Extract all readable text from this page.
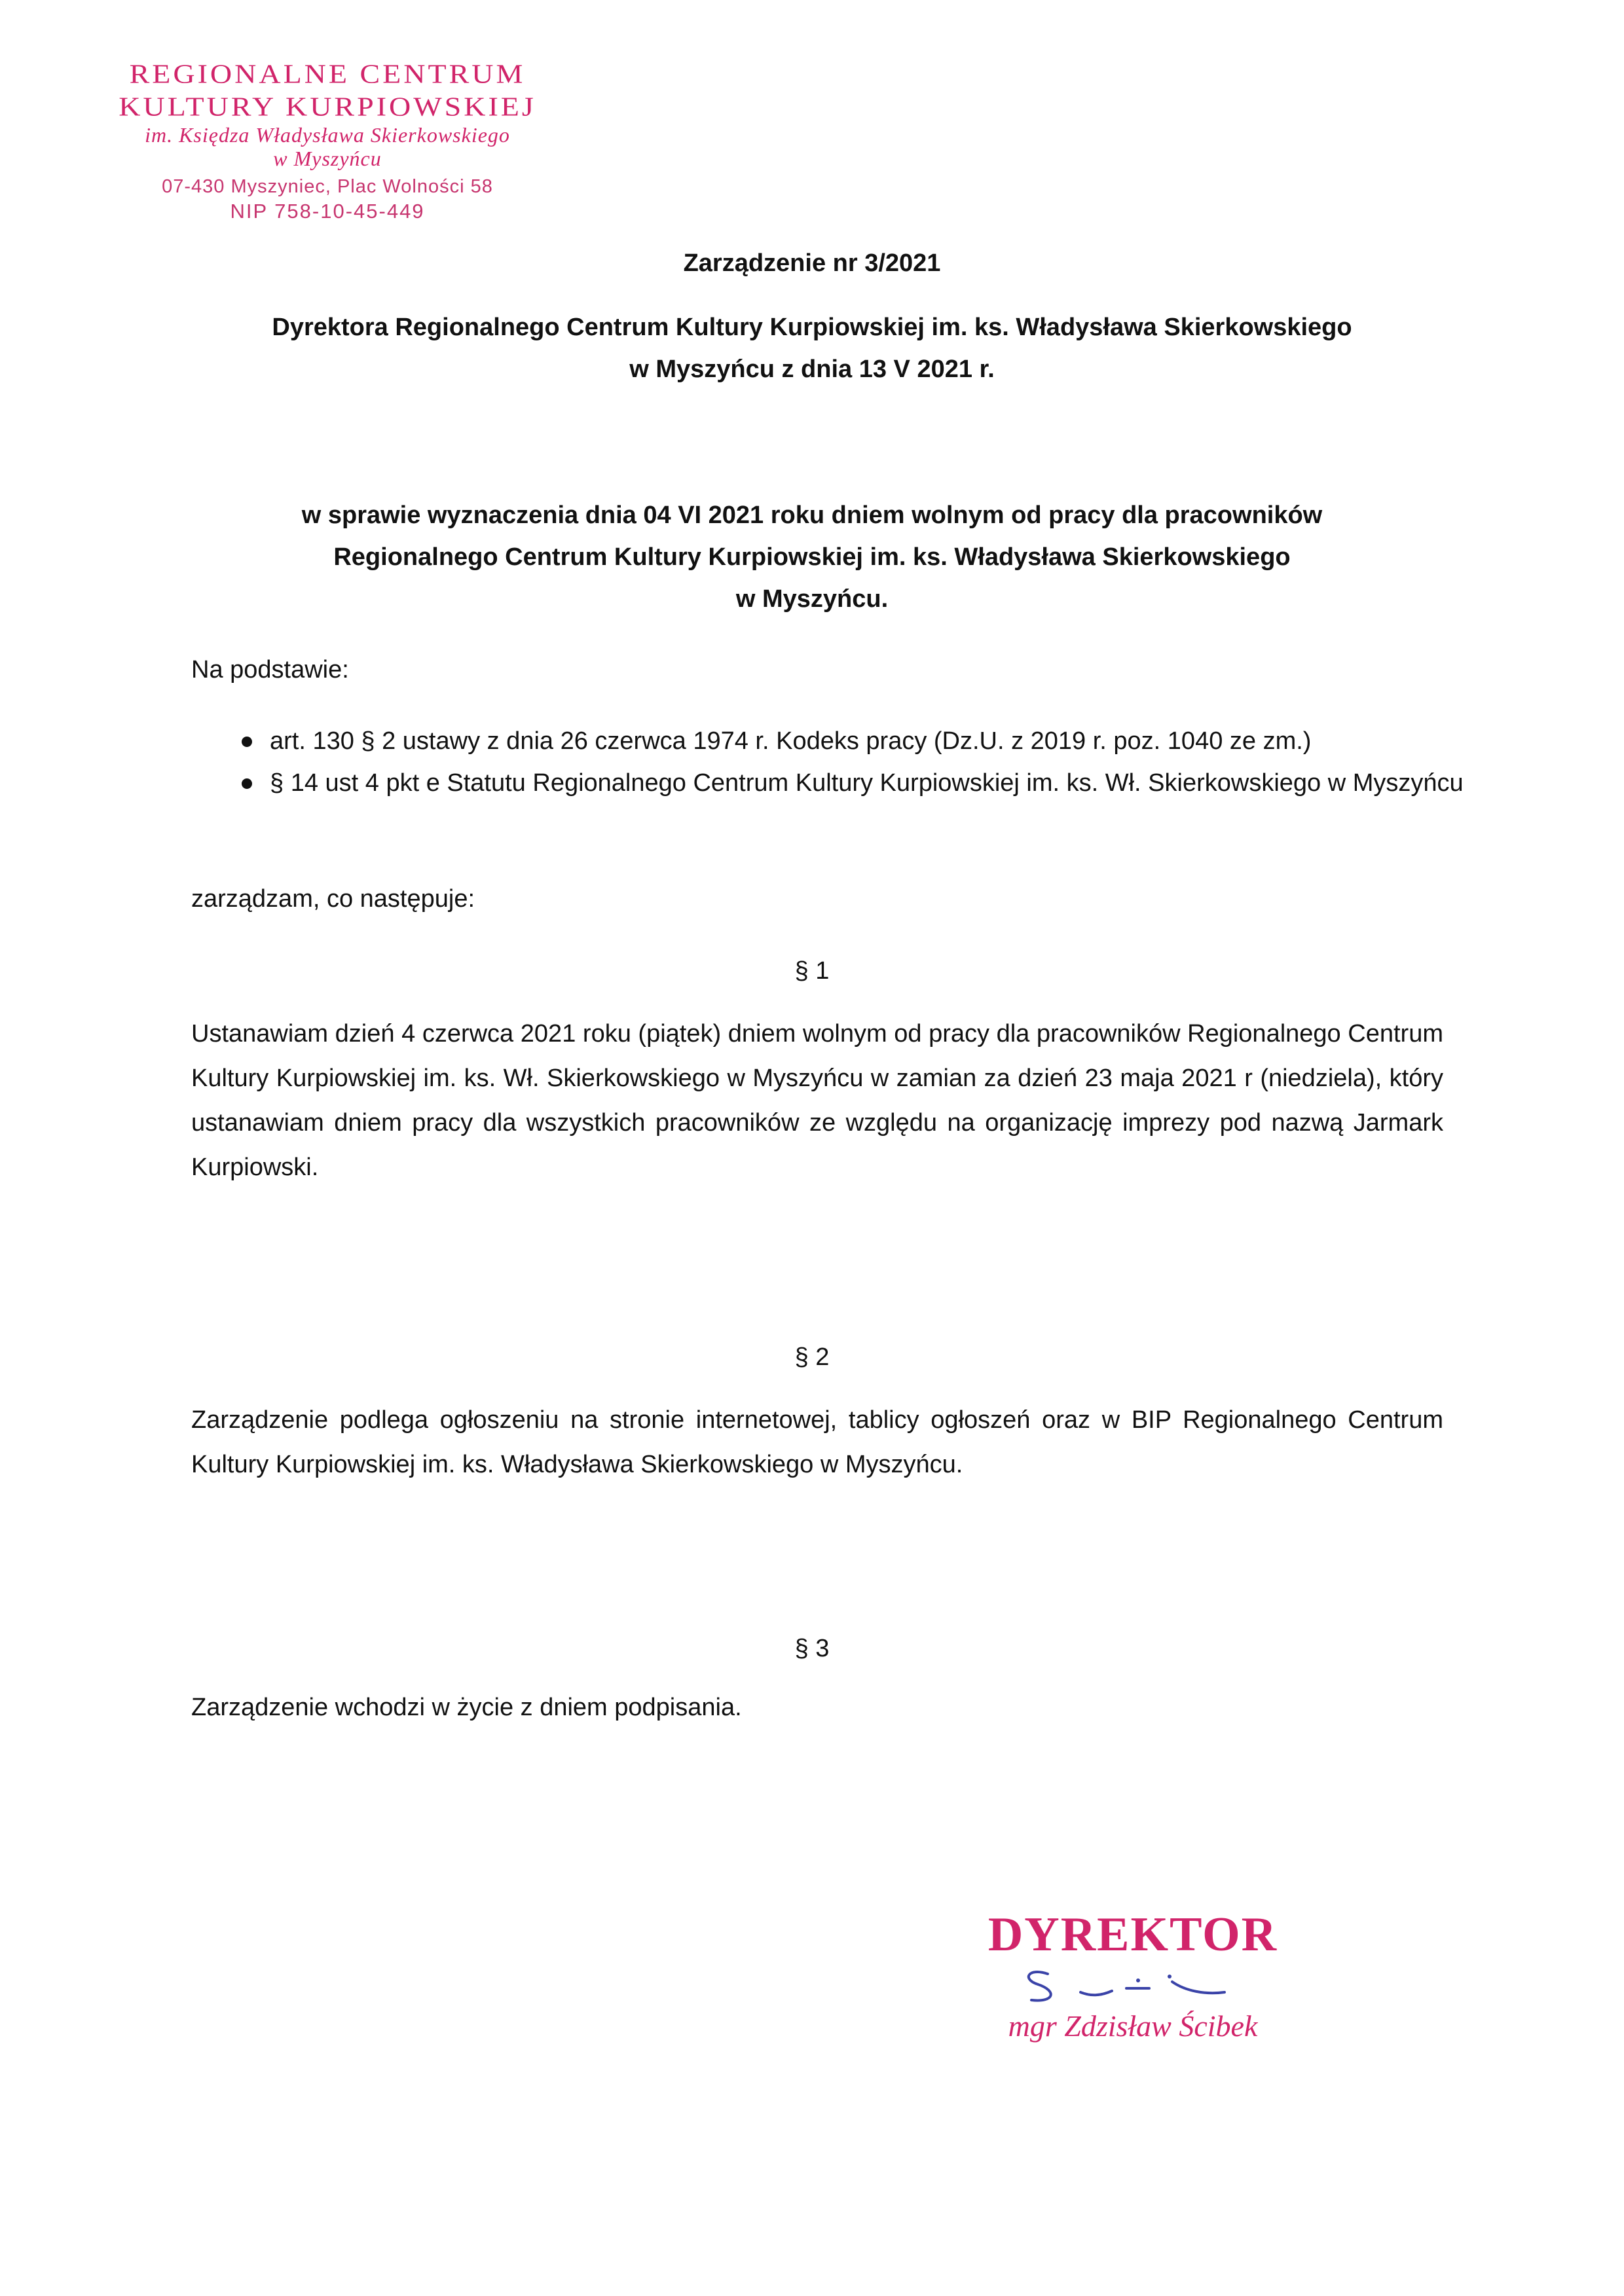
REGIONALNE CENTRUM
KULTURY KURPIOWSKIEJ
im. Księdza Władysława Skierkowskiego
w Myszyńcu
07-430 Myszyniec, Plac Wolności 58
NIP 758-10-45-449
Zarządzenie nr 3/2021
Dyrektora Regionalnego Centrum Kultury Kurpiowskiej im. ks. Władysława Skierkowskiego
w Myszyńcu z dnia 13 V 2021 r.
w sprawie wyznaczenia dnia 04 VI 2021 roku dniem wolnym od pracy dla pracowników
Regionalnego Centrum Kultury Kurpiowskiej im. ks. Władysława Skierkowskiego
w Myszyńcu.
Na podstawie:
art. 130 § 2 ustawy z dnia 26 czerwca 1974 r. Kodeks pracy (Dz.U. z 2019 r. poz. 1040 ze zm.)
§ 14 ust 4 pkt e Statutu Regionalnego Centrum Kultury Kurpiowskiej im. ks. Wł. Skierkowskiego w Myszyńcu
zarządzam, co następuje:
§ 1
Ustanawiam dzień 4 czerwca 2021 roku (piątek) dniem wolnym od pracy dla pracowników Regionalnego Centrum Kultury Kurpiowskiej im. ks. Wł. Skierkowskiego w Myszyńcu w zamian za dzień 23 maja 2021 r (niedziela), który ustanawiam dniem pracy dla wszystkich pracowników ze względu na organizację imprezy pod nazwą Jarmark Kurpiowski.
§ 2
Zarządzenie podlega ogłoszeniu na stronie internetowej, tablicy ogłoszeń oraz w BIP Regionalnego Centrum Kultury Kurpiowskiej im. ks. Władysława Skierkowskiego w Myszyńcu.
§ 3
Zarządzenie wchodzi w życie z dniem podpisania.
DYREKTOR
mgr Zdzisław Ścibek
